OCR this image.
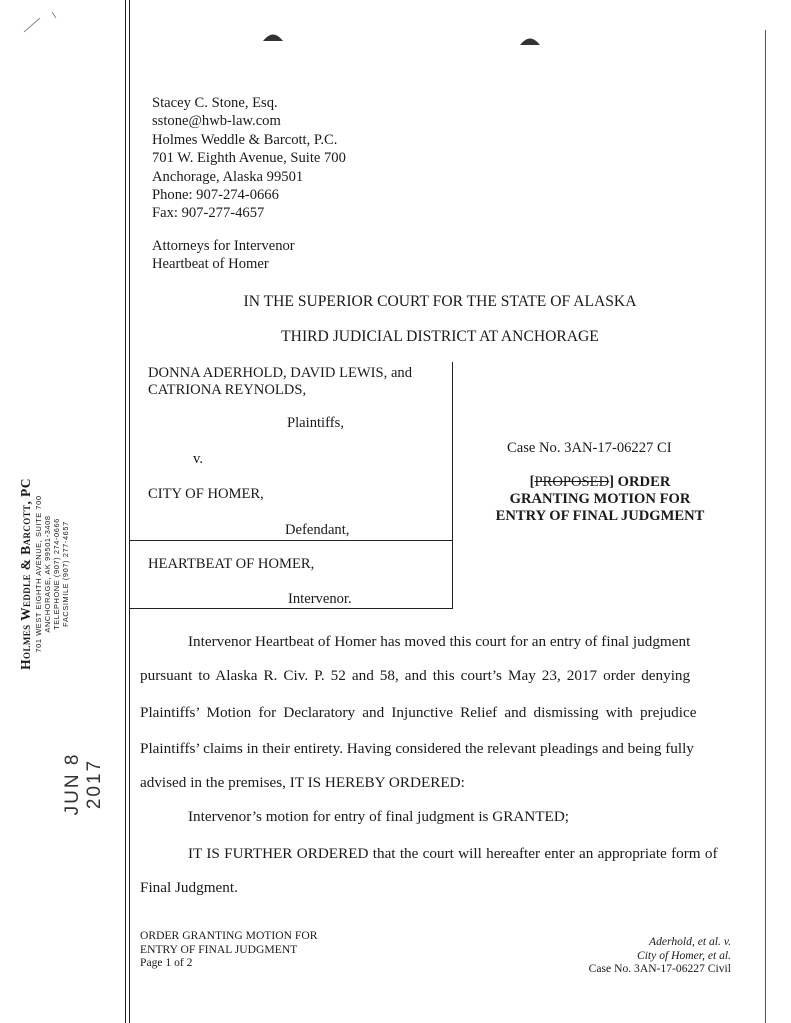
Stacey C. Stone, Esq.
sstone@hwb-law.com
Holmes Weddle & Barcott, P.C.
701 W. Eighth Avenue, Suite 700
Anchorage, Alaska 99501
Phone: 907-274-0666
Fax: 907-277-4657
Attorneys for Intervenor
Heartbeat of Homer
IN THE SUPERIOR COURT FOR THE STATE OF ALASKA
THIRD JUDICIAL DISTRICT AT ANCHORAGE
DONNA ADERHOLD, DAVID LEWIS, and
CATRIONA REYNOLDS,
Plaintiffs,
v.
CITY OF HOMER,
Defendant,
HEARTBEAT OF HOMER,
Intervenor.
Case No. 3AN-17-06227 CI
[PROPOSED] ORDER
GRANTING MOTION FOR
ENTRY OF FINAL JUDGMENT
Intervenor Heartbeat of Homer has moved this court for an entry of final judgment
pursuant to Alaska R. Civ. P. 52 and 58, and this court’s May 23, 2017 order denying
Plaintiffs’ Motion for Declaratory and Injunctive Relief and dismissing with prejudice
Plaintiffs’ claims in their entirety. Having considered the relevant pleadings and being fully
advised in the premises, IT IS HEREBY ORDERED:
Intervenor’s motion for entry of final judgment is GRANTED;
IT IS FURTHER ORDERED that the court will hereafter enter an appropriate form of
Final Judgment.
ORDER GRANTING MOTION FOR
ENTRY OF FINAL JUDGMENT
Page 1 of 2
Aderhold, et al. v.
City of Homer, et al.
Case No. 3AN-17-06227 Civil
Holmes Weddle & Barcott, PC 701 WEST EIGHTH AVENUE, SUITE 700 ANCHORAGE, AK 99501-3408 TELEPHONE (907) 274-0666 FACSIMILE (907) 277-4657
JUN 8 2017
